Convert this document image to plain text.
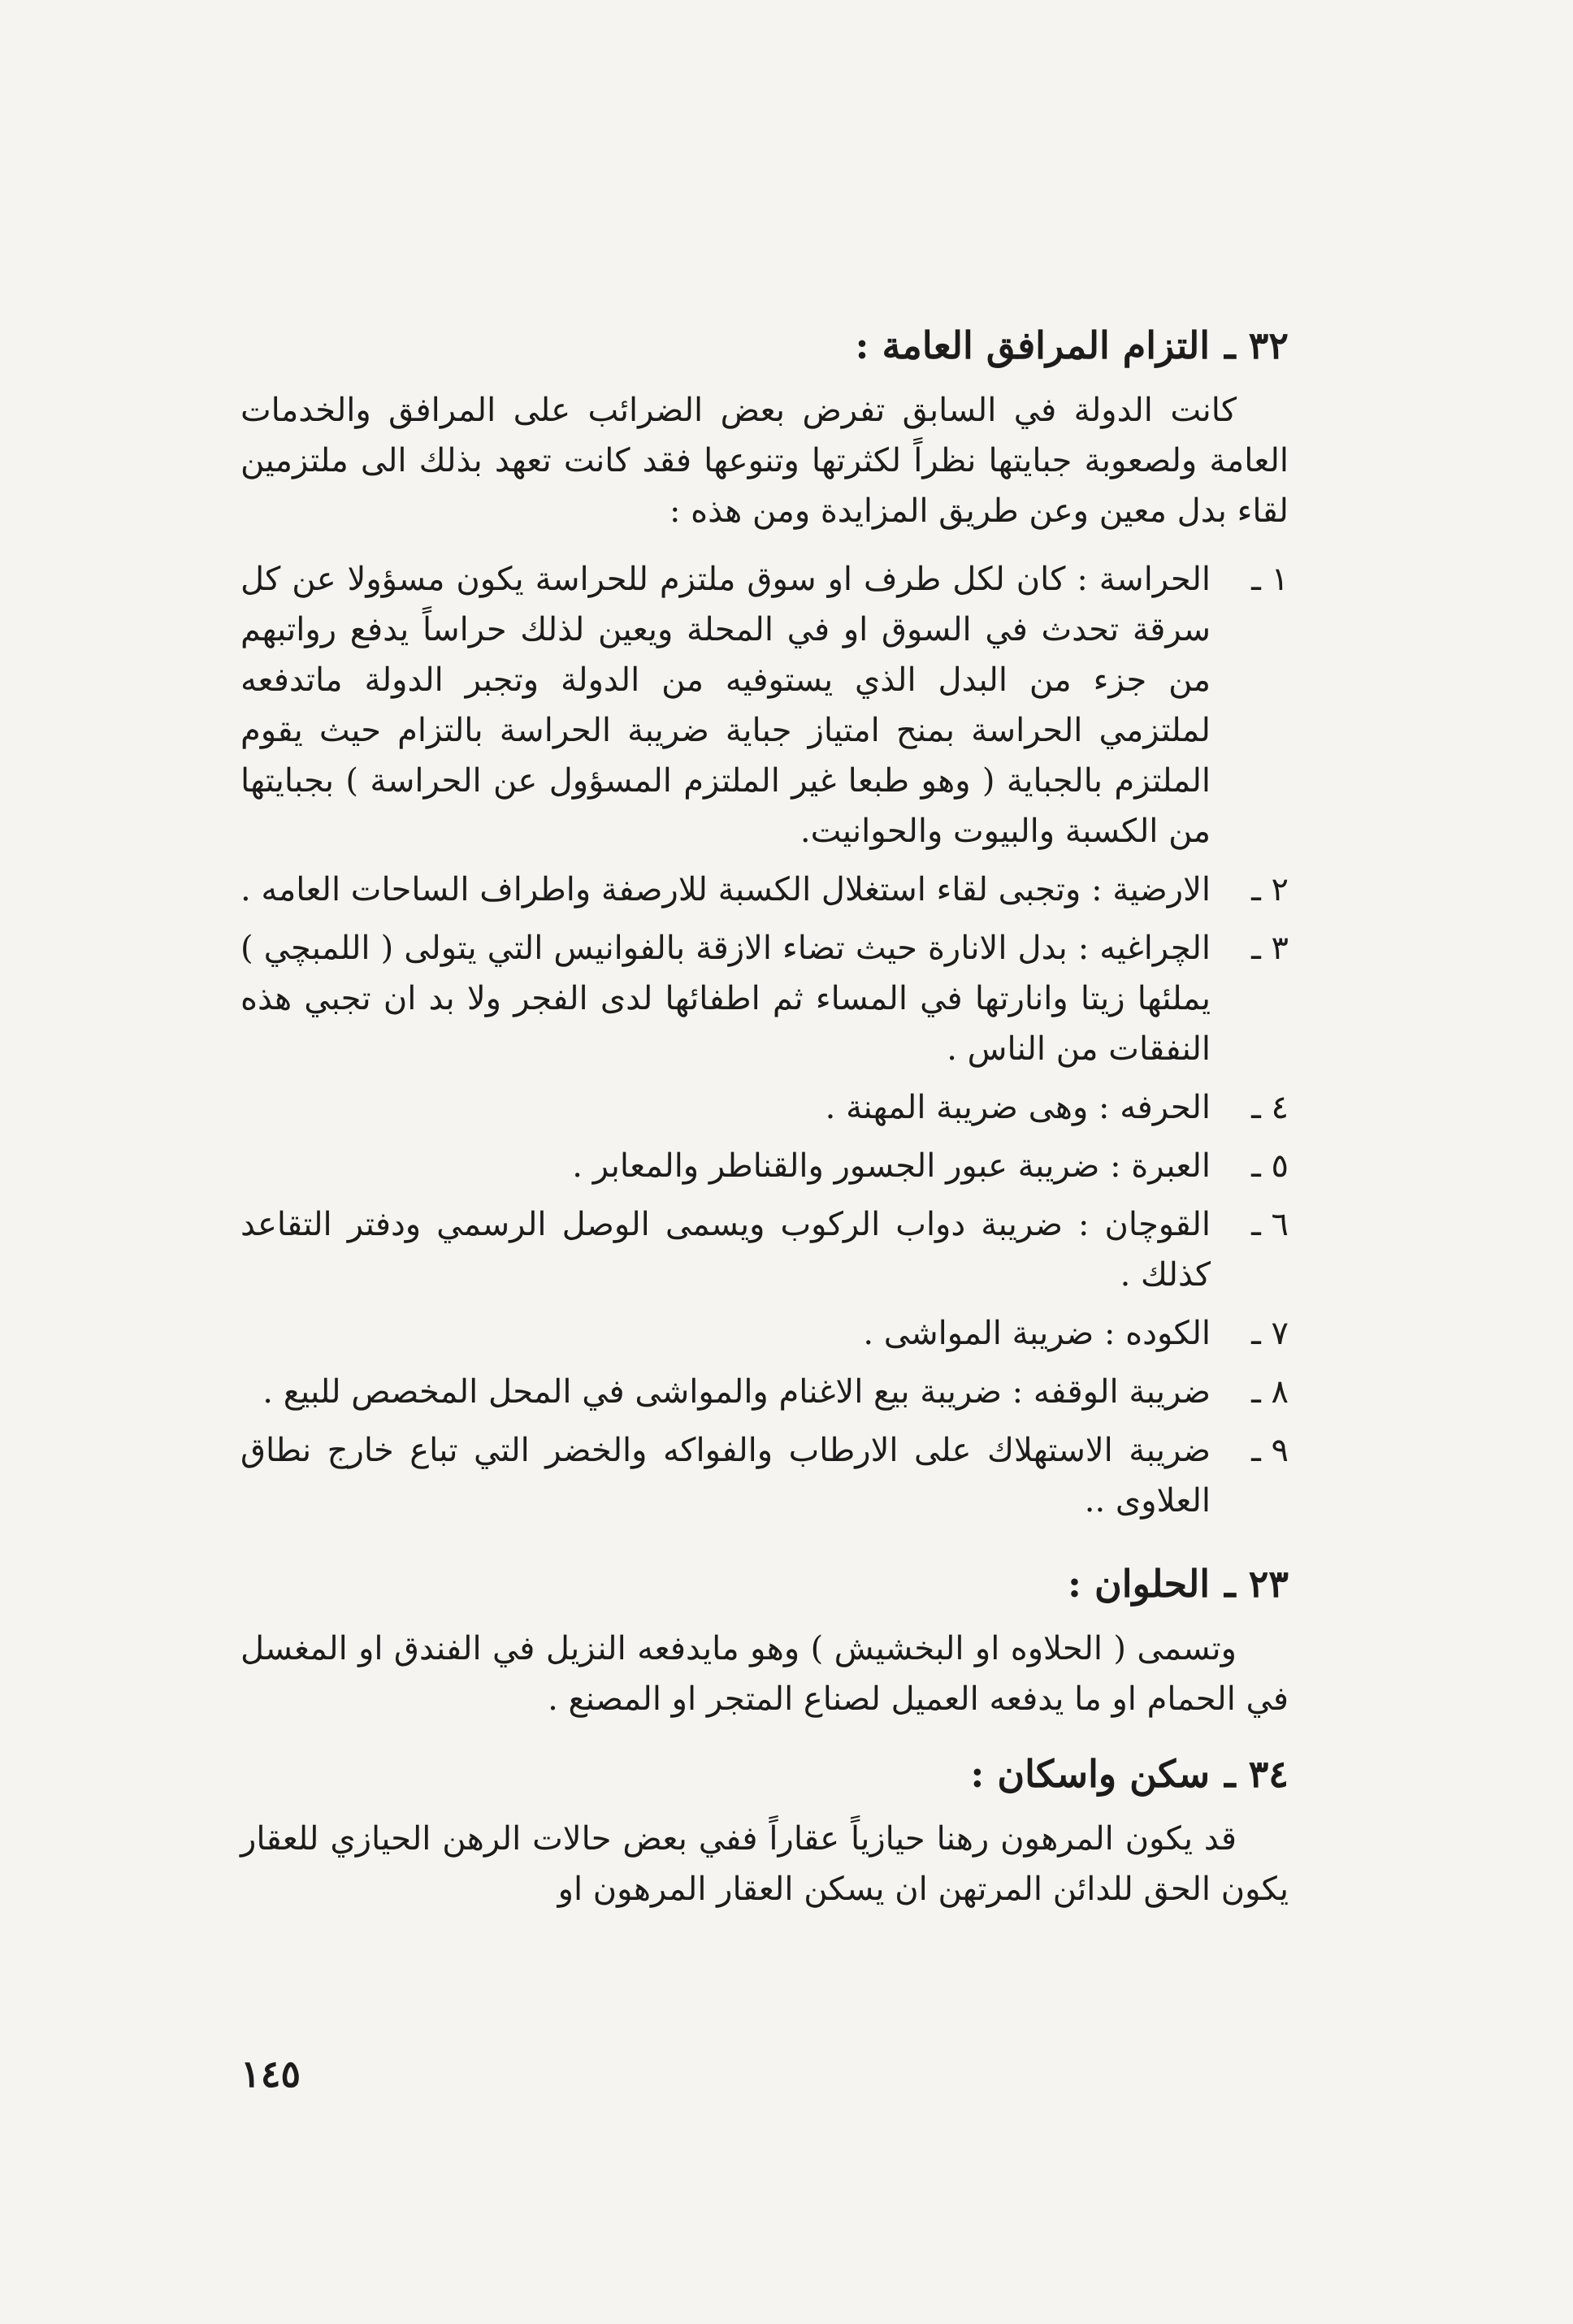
٣٢ ـالتزام المرافق العامة :

كانت الدولة في السابق تفرض بعض الضرائب على المرافق والخدمات العامة ولصعوبة جبايتها نظراً لكثرتها وتنوعها فقد كانت تعهد بذلك الى ملتزمين لقاء بدل معين وعن طريق المزايدة ومن هذه :

١ ـ
الحراسة : كان لكل طرف او سوق ملتزم للحراسة يكون مسؤولا عن كل سرقة تحدث في السوق او في المحلة ويعين لذلك حراساً يدفع رواتبهم من جزء من البدل الذي يستوفيه من الدولة وتجبر الدولة ماتدفعه لملتزمي الحراسة بمنح امتياز جباية ضريبة الحراسة بالتزام حيث يقوم الملتزم بالجباية ( وهو طبعا غير الملتزم المسؤول عن الحراسة ) بجبايتها من الكسبة والبيوت والحوانيت.
٢ ـ
الارضية : وتجبى لقاء استغلال الكسبة للارصفة واطراف الساحات العامه .
٣ ـ
الچراغيه : بدل الانارة حيث تضاء الازقة بالفوانيس التي يتولى ( اللمبچي ) يملئها زيتا وانارتها في المساء ثم اطفائها لدى الفجر ولا بد ان تجبي هذه النفقات من الناس .
٤ ـ
الحرفه : وهى ضريبة المهنة .
٥ ـ
العبرة : ضريبة عبور الجسور والقناطر والمعابر .
٦ ـ
القوچان : ضريبة دواب الركوب ويسمى الوصل الرسمي ودفتر التقاعد كذلك .
٧ ـ
الكوده : ضريبة المواشى .
٨ ـ
ضريبة الوقفه : ضريبة بيع الاغنام والمواشى في المحل المخصص للبيع .
٩ ـ
ضريبة الاستهلاك على الارطاب والفواكه والخضر التي تباع خارج نطاق العلاوى ..
٢٣ ـالحلوان :

وتسمى ( الحلاوه او البخشيش ) وهو مايدفعه النزيل في الفندق او المغسل في الحمام او ما يدفعه العميل لصناع المتجر او المصنع .

٣٤ ـسكن واسكان :

قد يكون المرهون رهنا حيازياً عقاراً ففي بعض حالات الرهن الحيازي للعقار يكون الحق للدائن المرتهن ان يسكن العقار المرهون او

١٤٥
